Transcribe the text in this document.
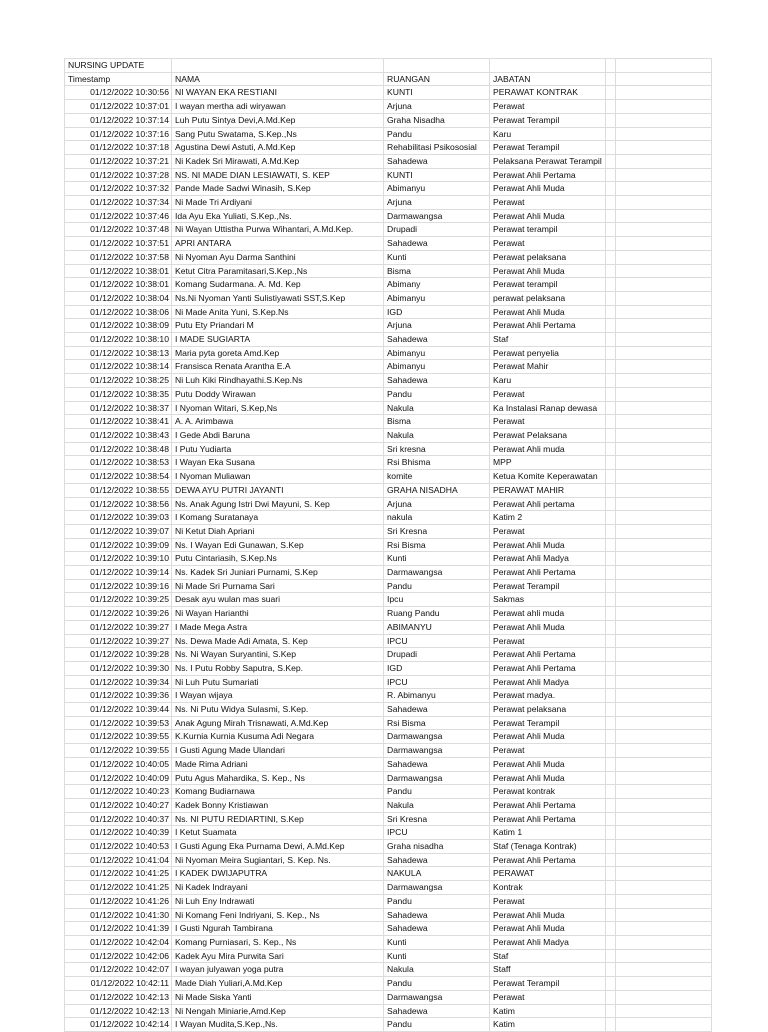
NURSING UPDATE					
Timestamp	NAMA	RUANGAN	JABATAN		
01/12/2022 10:30:56	NI WAYAN EKA RESTIANI	KUNTI	PERAWAT KONTRAK		
01/12/2022 10:37:01	I wayan mertha adi wiryawan	Arjuna	Perawat		
01/12/2022 10:37:14	Luh Putu Sintya Devi,A.Md.Kep	Graha Nisadha	Perawat Terampil		
01/12/2022 10:37:16	Sang Putu Swatama, S.Kep.,Ns	Pandu	Karu		
01/12/2022 10:37:18	Agustina Dewi Astuti, A.Md.Kep	Rehabilitasi Psikososial	Perawat Terampil		
01/12/2022 10:37:21	Ni Kadek Sri Mirawati, A.Md.Kep	Sahadewa	Pelaksana Perawat Terampil		
01/12/2022 10:37:28	NS. NI MADE DIAN LESIAWATI, S. KEP	KUNTI	Perawat Ahli Pertama		
01/12/2022 10:37:32	Pande Made Sadwi Winasih, S.Kep	Abimanyu	Perawat Ahli Muda		
01/12/2022 10:37:34	Ni Made Tri Ardiyani	Arjuna	Perawat		
01/12/2022 10:37:46	Ida Ayu Eka Yuliati, S.Kep.,Ns.	Darmawangsa	Perawat Ahli Muda		
01/12/2022 10:37:48	Ni Wayan Uttistha Purwa Wihantari, A.Md.Kep.	Drupadi	Perawat terampil		
01/12/2022 10:37:51	APRI ANTARA	Sahadewa	Perawat		
01/12/2022 10:37:58	Ni Nyoman Ayu Darma Santhini	Kunti	Perawat pelaksana		
01/12/2022 10:38:01	Ketut Citra Paramitasari,S.Kep.,Ns	Bisma	Perawat Ahli Muda		
01/12/2022 10:38:01	Komang Sudarmana. A. Md. Kep	Abimany	Perawat terampil		
01/12/2022 10:38:04	Ns.Ni Nyoman Yanti Sulistiyawati SST,S.Kep	Abimanyu	perawat pelaksana		
01/12/2022 10:38:06	Ni Made Anita Yuni, S.Kep.Ns	IGD	Perawat Ahli Muda		
01/12/2022 10:38:09	Putu Ety Priandari M	Arjuna	Perawat Ahli Pertama		
01/12/2022 10:38:10	I MADE SUGIARTA	Sahadewa	Staf		
01/12/2022 10:38:13	Maria pyta goreta Amd.Kep	Abimanyu	Perawat penyelia		
01/12/2022 10:38:14	Fransisca Renata Arantha E.A	Abimanyu	Perawat Mahir		
01/12/2022 10:38:25	Ni Luh Kiki Rindhayathi.S.Kep.Ns	Sahadewa	Karu		
01/12/2022 10:38:35	Putu Doddy Wirawan	Pandu	Perawat		
01/12/2022 10:38:37	I Nyoman Witari, S.Kep,Ns	Nakula	Ka Instalasi Ranap dewasa		
01/12/2022 10:38:41	A. A. Arimbawa	Bisma	Perawat		
01/12/2022 10:38:43	I Gede Abdi Baruna	Nakula	Perawat Pelaksana		
01/12/2022 10:38:48	I Putu Yudiarta	Sri kresna	Perawat Ahli muda		
01/12/2022 10:38:53	I Wayan Eka Susana	Rsi Bhisma	MPP		
01/12/2022 10:38:54	I Nyoman Muliawan	komite	Ketua Komite Keperawatan		
01/12/2022 10:38:55	DEWA AYU PUTRI JAYANTI	GRAHA NISADHA	PERAWAT MAHIR		
01/12/2022 10:38:56	Ns. Anak Agung Istri Dwi Mayuni, S. Kep	Arjuna	Perawat Ahli pertama		
01/12/2022 10:39:03	I Komang Suratanaya	nakula	Katim 2		
01/12/2022 10:39:07	Ni Ketut Diah Apriani	Sri Kresna	Perawat		
01/12/2022 10:39:09	Ns. I Wayan Edi Gunawan, S.Kep	Rsi Bisma	Perawat Ahli Muda		
01/12/2022 10:39:10	Putu Cintariasih, S.Kep.Ns	Kunti	Perawat Ahli Madya		
01/12/2022 10:39:14	Ns. Kadek Sri Juniari Purnami, S.Kep	Darmawangsa	Perawat Ahli Pertama		
01/12/2022 10:39:16	Ni Made Sri Purnama Sari	Pandu	Perawat Terampil		
01/12/2022 10:39:25	Desak ayu wulan mas suari	Ipcu	Sakmas		
01/12/2022 10:39:26	Ni Wayan Harianthi	Ruang Pandu	Perawat ahli muda		
01/12/2022 10:39:27	I Made Mega Astra	ABIMANYU	Perawat Ahli Muda		
01/12/2022 10:39:27	Ns. Dewa Made Adi Amata, S. Kep	IPCU	Perawat		
01/12/2022 10:39:28	Ns. Ni Wayan Suryantini, S.Kep	Drupadi	Perawat Ahli Pertama		
01/12/2022 10:39:30	Ns. I Putu Robby Saputra, S.Kep.	IGD	Perawat Ahli Pertama		
01/12/2022 10:39:34	Ni Luh Putu Sumariati	IPCU	Perawat Ahli Madya		
01/12/2022 10:39:36	I Wayan wijaya	R. Abimanyu	Perawat madya.		
01/12/2022 10:39:44	Ns. Ni Putu Widya Sulasmi, S.Kep.	Sahadewa	Perawat pelaksana		
01/12/2022 10:39:53	Anak Agung Mirah Trisnawati, A.Md.Kep	Rsi Bisma	Perawat Terampil		
01/12/2022 10:39:55	K.Kurnia Kurnia Kusuma Adi Negara	Darmawangsa	Perawat Ahli Muda		
01/12/2022 10:39:55	I Gusti Agung Made Ulandari	Darmawangsa	Perawat		
01/12/2022 10:40:05	Made Rima Adriani	Sahadewa	Perawat Ahli Muda		
01/12/2022 10:40:09	Putu Agus Mahardika, S. Kep., Ns	Darmawangsa	Perawat Ahli Muda		
01/12/2022 10:40:23	Komang Budiarnawa	Pandu	Perawat kontrak		
01/12/2022 10:40:27	Kadek Bonny Kristiawan	Nakula	Perawat Ahli Pertama		
01/12/2022 10:40:37	Ns. NI PUTU REDIARTINI, S.Kep	Sri Kresna	Perawat Ahli Pertama		
01/12/2022 10:40:39	I Ketut Suamata	IPCU	Katim 1		
01/12/2022 10:40:53	I Gusti Agung Eka Purnama Dewi, A.Md.Kep	Graha nisadha	Staf (Tenaga Kontrak)		
01/12/2022 10:41:04	Ni Nyoman Meira Sugiantari, S. Kep. Ns.	Sahadewa	Perawat Ahli Pertama		
01/12/2022 10:41:25	I KADEK DWIJAPUTRA	NAKULA	PERAWAT		
01/12/2022 10:41:25	Ni Kadek Indrayani	Darmawangsa	Kontrak		
01/12/2022 10:41:26	Ni Luh Eny Indrawati	Pandu	Perawat		
01/12/2022 10:41:30	Ni Komang Feni Indriyani, S. Kep., Ns	Sahadewa	Perawat Ahli Muda		
01/12/2022 10:41:39	I Gusti Ngurah Tambirana	Sahadewa	Perawat Ahli Muda		
01/12/2022 10:42:04	Komang Purniasari, S. Kep., Ns	Kunti	Perawat Ahli Madya		
01/12/2022 10:42:06	Kadek Ayu Mira Purwita Sari	Kunti	Staf		
01/12/2022 10:42:07	I wayan julyawan yoga putra	Nakula	Staff		
01/12/2022 10:42:11	Made Diah Yuliari,A.Md.Kep	Pandu	Perawat Terampil		
01/12/2022 10:42:13	Ni Made Siska Yanti	Darmawangsa	Perawat		
01/12/2022 10:42:13	Ni Nengah Miniarie,Amd.Kep	Sahadewa	Katim		
01/12/2022 10:42:14	I Wayan Mudita,S.Kep.,Ns.	Pandu	Katim		
